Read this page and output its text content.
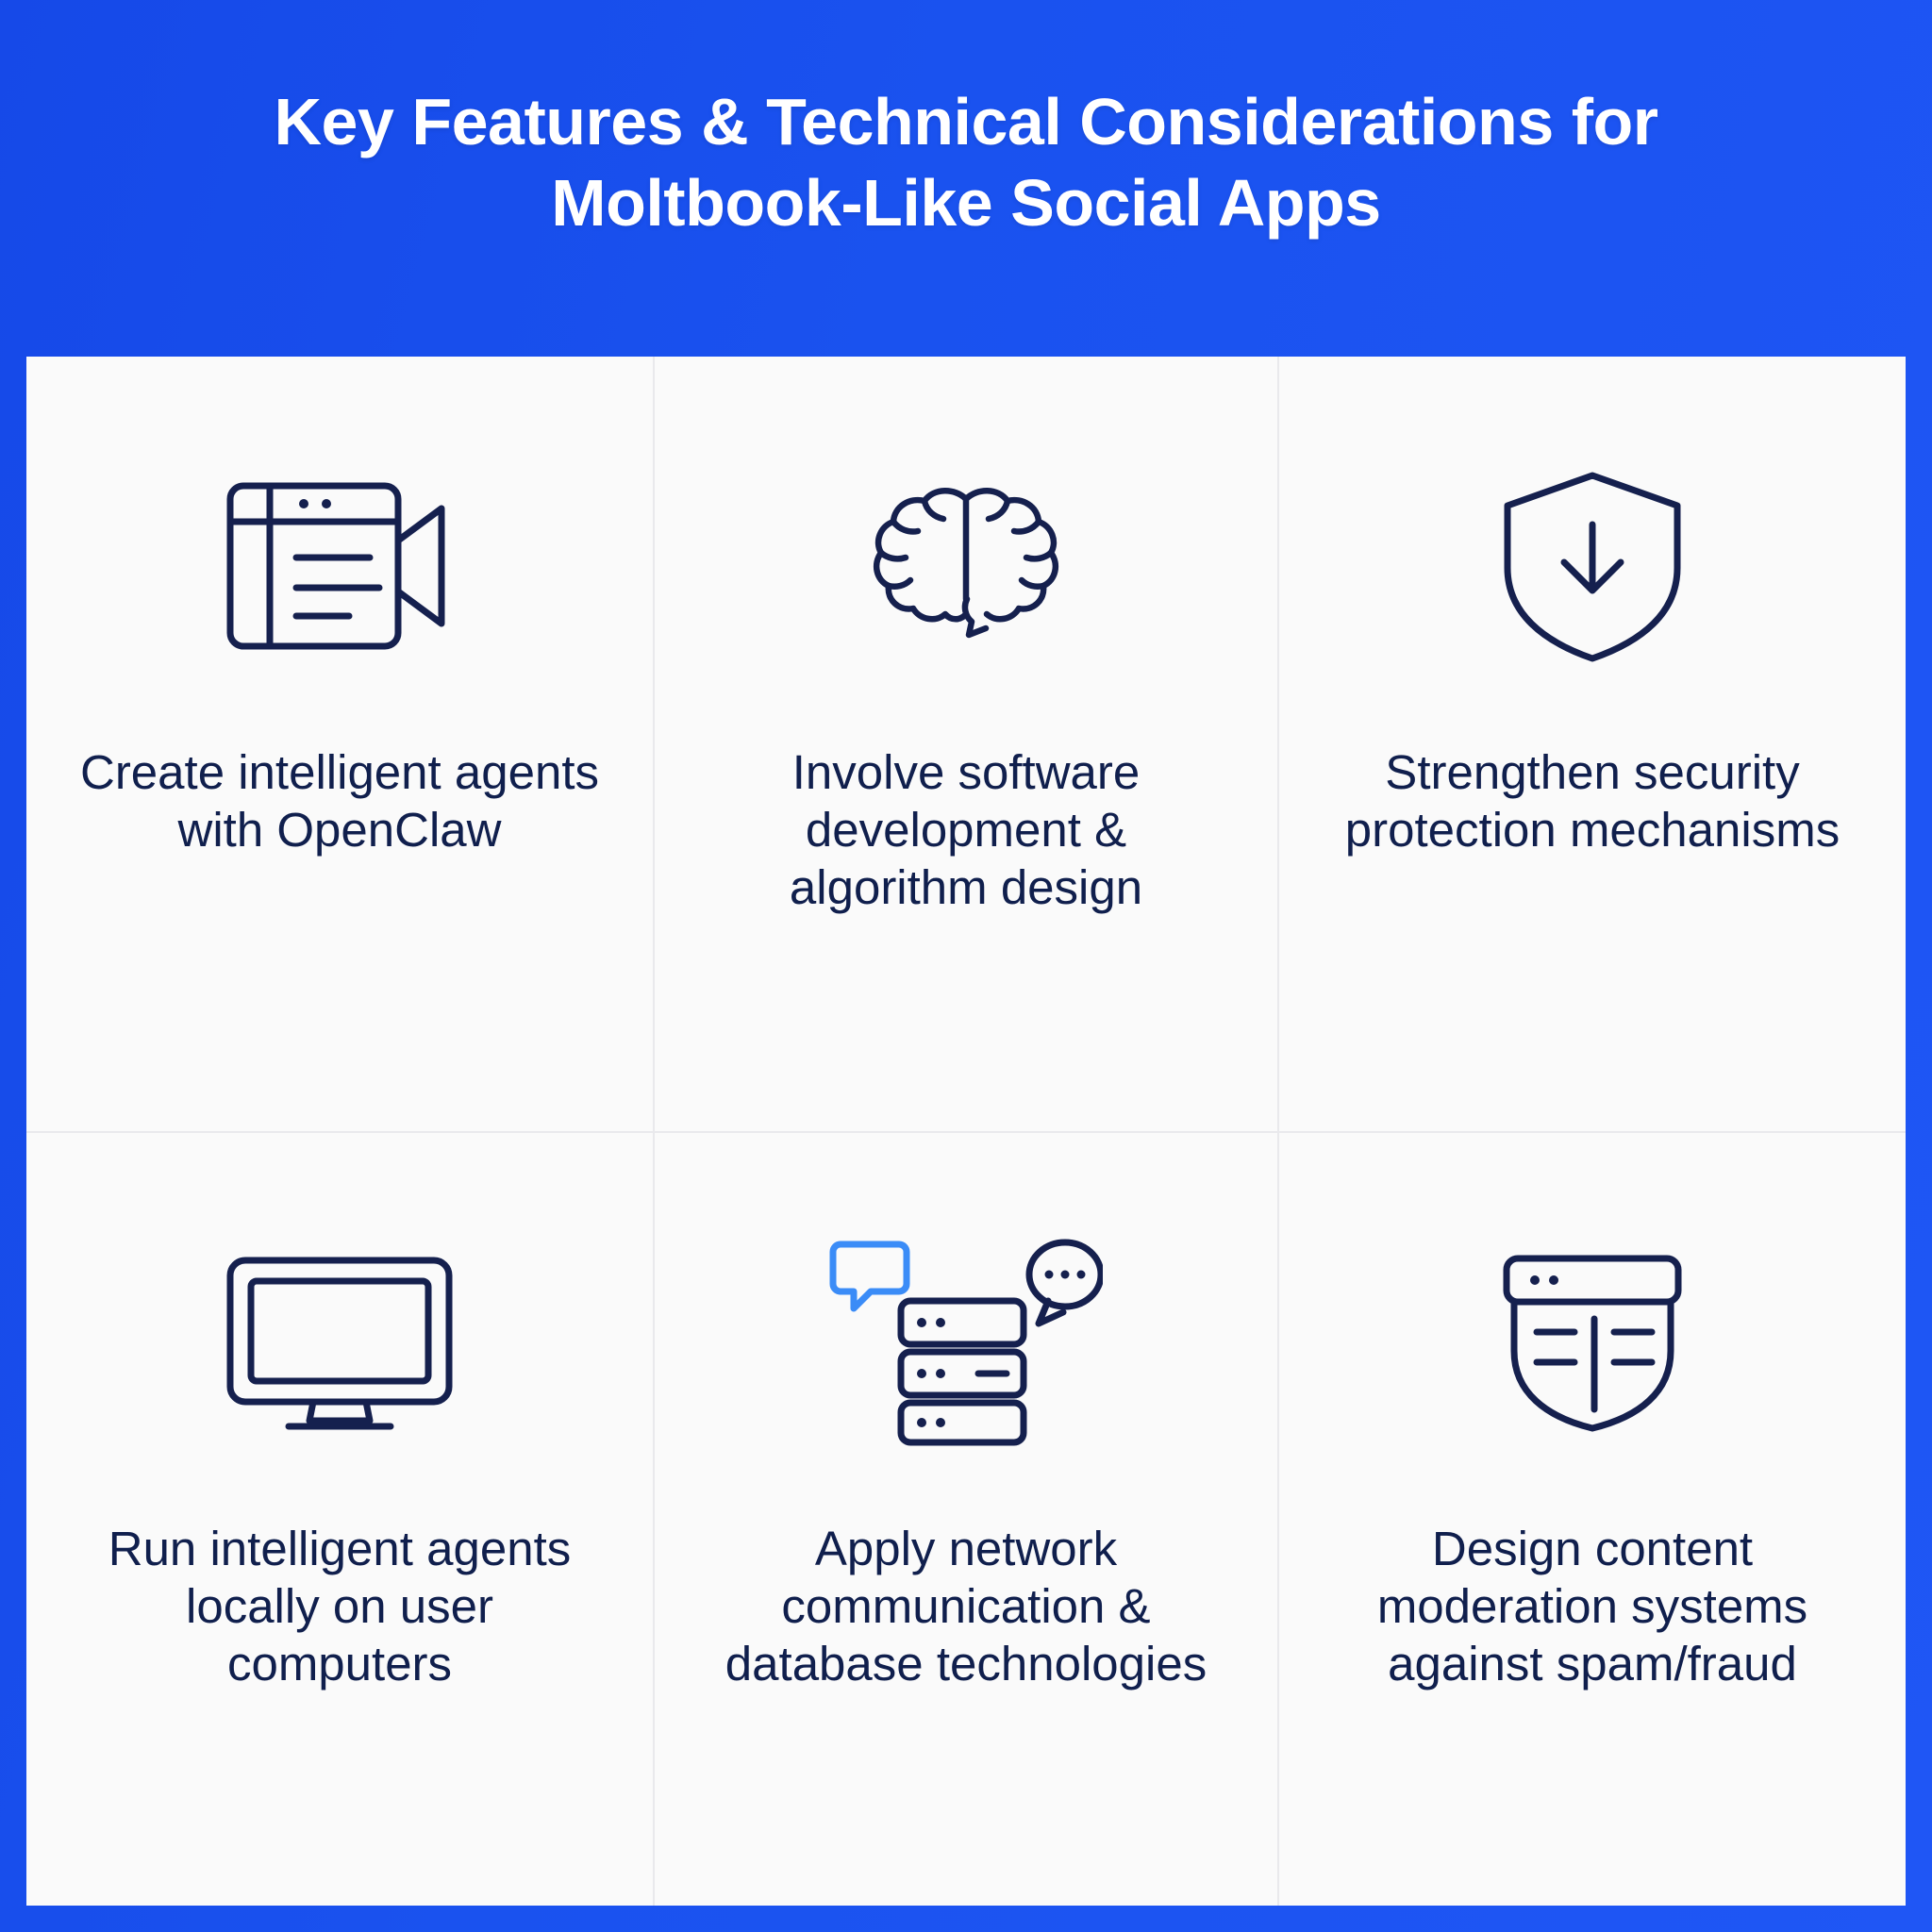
Key Features & Technical Considerations for
Moltbook-Like Social Apps
Create intelligent agents with OpenClaw
Involve software development & algorithm design
Strengthen security protection mechanisms
Run intelligent agents locally on user computers
Apply network communication & database technologies
Design content moderation systems against spam/fraud
